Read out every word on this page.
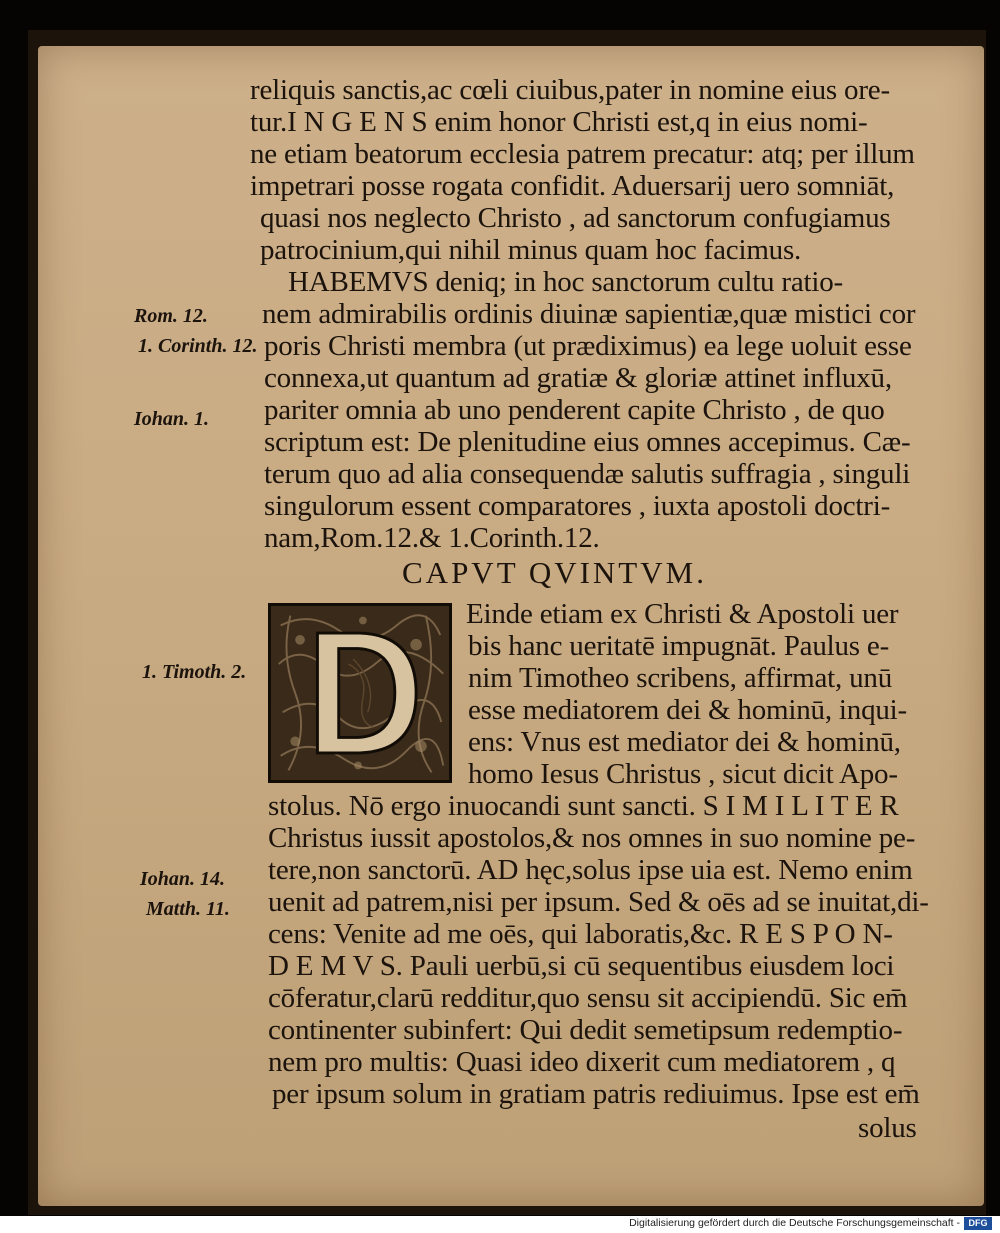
reliquis sanctis,ac cœli ciuibus,pater in nomine eius ore-
tur.I N G E N S enim honor Christi est,q in eius nomi-
ne etiam beatorum ecclesia patrem precatur: atq; per illum
impetrari posse rogata confidit. Aduersarij uero somniāt,
quasi nos neglecto Christo , ad sanctorum confugiamus
patrocinium,qui nihil minus quam hoc facimus.
HABEMVS deniq; in hoc sanctorum cultu ratio-
nem admirabilis ordinis diuinæ sapientiæ,quæ mistici cor
poris Christi membra (ut prædiximus) ea lege uoluit esse
connexa,ut quantum ad gratiæ & gloriæ attinet influxū,
pariter omnia ab uno penderent capite Christo , de quo
scriptum est: De plenitudine eius omnes accepimus. Cæ-
terum quo ad alia consequendæ salutis suffragia , singuli
singulorum essent comparatores , iuxta apostoli doctri-
nam,Rom.12.& 1.Corinth.12.
CAPVT QVINTVM.
Einde etiam ex Christi & Apostoli uer
bis hanc ueritatē impugnāt. Paulus e-
nim Timotheo scribens, affirmat, unū
esse mediatorem dei & hominū, inqui-
ens: Vnus est mediator dei & hominū,
homo Iesus Christus , sicut dicit Apo-
stolus. Nō ergo inuocandi sunt sancti. S I M I L I T E R
Christus iussit apostolos,& nos omnes in suo nomine pe-
tere,non sanctorū. AD hęc,solus ipse uia est. Nemo enim
uenit ad patrem,nisi per ipsum. Sed & oēs ad se inuitat,di-
cens: Venite ad me oēs, qui laboratis,&c. R E S P O N-
D E M V S. Pauli uerbū,si cū sequentibus eiusdem loci
cōferatur,clarū redditur,quo sensu sit accipiendū. Sic em̄
continenter subinfert: Qui dedit semetipsum redemptio-
nem pro multis: Quasi ideo dixerit cum mediatorem , q
per ipsum solum in gratiam patris rediuimus. Ipse est em̄
solus
Rom. 12.
1. Corinth. 12.
Iohan. 1.
1. Timoth. 2.
Iohan. 14.
Matth. 11.
Digitalisierung gefördert durch die Deutsche Forschungsgemeinschaft - DFG
